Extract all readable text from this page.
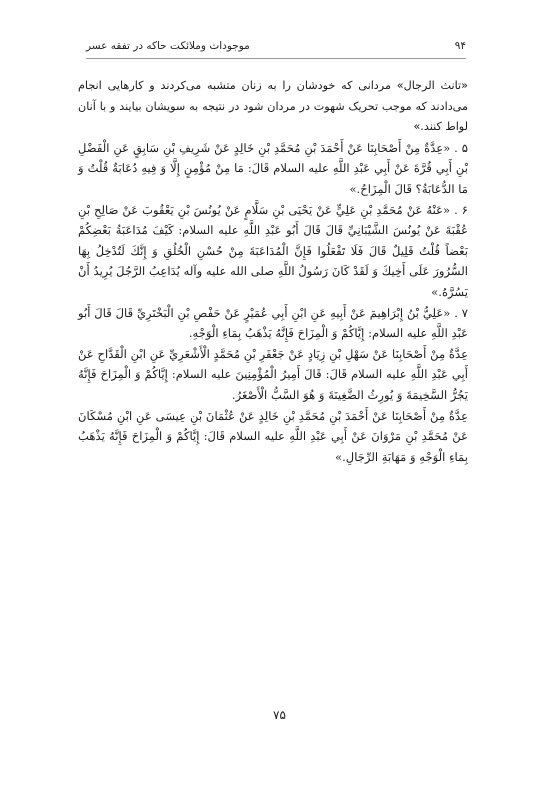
۹۴
موجودات وملائکت حاکه در تفقه عسر

«تانث الرجال» مردانی که خودشان را به زنان متشبه می‌کردند و کارهایی انجام می‌دادند که موجب تحریک شهوت در مردان شود در نتیجه به سویشان بیایند و با آنان لواط کنند.»

۵ . «عِدَّةٌ مِنْ أَصْحَابِنَا عَنْ أَحْمَدَ بْنِ مُحَمَّدِ بْنِ خَالِدٍ عَنْ شَرِيفِ بْنِ سَابِقٍ عَنِ الْفَضْلِ بْنِ أَبِي قُرَّةَ عَنْ أَبِي عَبْدِ اللَّهِ عليه السلام قَالَ: مَا مِنْ مُؤْمِنٍ إِلَّا وَ فِيهِ دُعَابَةٌ قُلْتُ وَ مَا الدُّعَابَةُ؟ قَالَ الْمِزَاحُ.»

۶ . «عَنْهُ عَنْ مُحَمَّدِ بْنِ عَلِيٍّ عَنْ يَحْيَى بْنِ سَلَّامٍ عَنْ يُونُسَ بْنِ يَعْقُوبَ عَنْ صَالِحِ بْنِ عُقْبَةَ عَنْ يُونُسَ الشَّيْبَانِيِّ قَالَ قَالَ أَبُو عَبْدِ اللَّهِ عليه السلام: كَيْفَ مُدَاعَبَةُ بَعْضِكُمْ بَعْضاً قُلْتُ قَلِيلٌ قَالَ فَلَا تَفْعَلُوا فَإِنَّ الْمُدَاعَبَةَ مِنْ حُسْنِ الْخُلُقِ وَ إِنَّكَ لَتُدْخِلُ بِهَا السُّرُورَ عَلَى أَخِيكَ وَ لَقَدْ كَانَ رَسُولُ اللَّهِ صلی الله علیه وآله يُدَاعِبُ الرَّجُلَ يُرِيدُ أَنْ يَسُرَّهُ.»

۷ . «عَلِيُّ بْنُ إِبْرَاهِيمَ عَنْ أَبِيهِ عَنِ ابْنِ أَبِي عُمَيْرٍ عَنْ حَفْصِ بْنِ الْبَخْتَرِيِّ قَالَ قَالَ أَبُو عَبْدِ اللَّهِ عليه السلام: إِيَّاكُمْ وَ الْمِزَاحَ فَإِنَّهُ يَذْهَبُ بِمَاءِ الْوَجْهِ.

عِدَّةٌ مِنْ أَصْحَابِنَا عَنْ سَهْلِ بْنِ زِيَادٍ عَنْ جَعْفَرِ بْنِ مُحَمَّدٍ الْأَشْعَرِيِّ عَنِ ابْنِ الْقَدَّاحِ عَنْ أَبِي عَبْدِ اللَّهِ عليه السلام قَالَ: قَالَ أَمِيرُ الْمُؤْمِنِينَ عليه السلام: إِيَّاكُمْ وَ الْمِزَاحَ فَإِنَّهُ يَجُرُّ السَّخِيمَةَ وَ يُورِثُ الضَّغِينَةَ وَ هُوَ السَّبُّ الْأَصْغَرُ.

عِدَّةٌ مِنْ أَصْحَابِنَا عَنْ أَحْمَدَ بْنِ مُحَمَّدِ بْنِ خَالِدٍ عَنْ عُثْمَانَ بْنِ عِيسَى عَنِ ابْنِ مُسْكَانَ عَنْ مُحَمَّدِ بْنِ مَرْوَانَ عَنْ أَبِي عَبْدِ اللَّهِ عليه السلام قَالَ: إِيَّاكُمْ وَ الْمِزَاحَ فَإِنَّهُ يَذْهَبُ بِمَاءِ الْوَجْهِ وَ مَهَابَةِ الرِّجَالِ.»

۷۵
